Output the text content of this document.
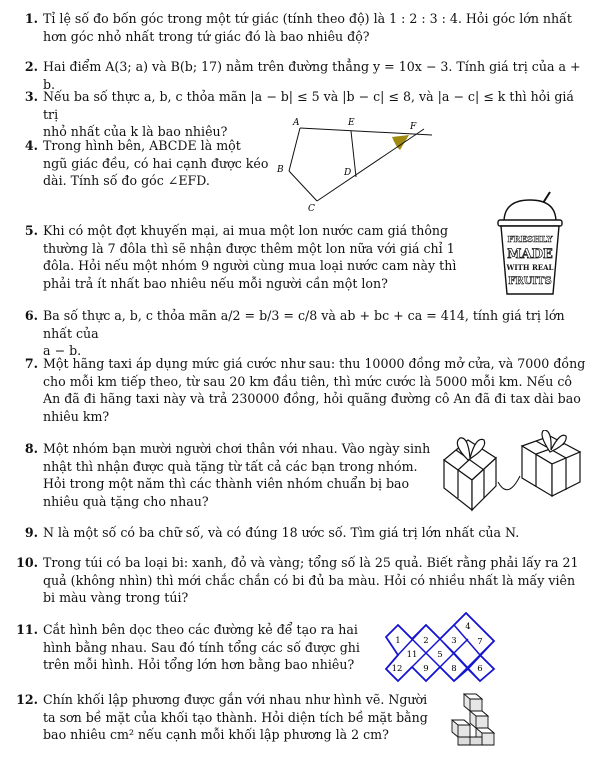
1. Tỉ lệ số đo bốn góc trong một tứ giác (tính theo độ) là 1 : 2 : 3 : 4. Hỏi góc lớn nhất
hơn góc nhỏ nhất trong tứ giác đó là bao nhiêu độ?
2. Hai điểm A(3; a) và B(b; 17) nằm trên đường thẳng y = 10x − 3. Tính giá trị của a + b.
3. Nếu ba số thực a, b, c thỏa mãn |a − b| ≤ 5 và |b − c| ≤ 8, và |a − c| ≤ k thì hỏi giá trị
nhỏ nhất của k là bao nhiêu?
4. Trong hình bên, ABCDE là một
ngũ giác đều, có hai cạnh được kéo
dài. Tính số đo góc ∠EFD.
5. Khi có một đợt khuyến mại, ai mua một lon nước cam giá thông
thường là 7 đôla thì sẽ nhận được thêm một lon nữa với giá chỉ 1
đôla. Hỏi nếu một nhóm 9 người cùng mua loại nước cam này thì
phải trả ít nhất bao nhiêu nếu mỗi người cần một lon?
6. Ba số thực a, b, c thỏa mãn a/2 = b/3 = c/8 và ab + bc + ca = 414, tính giá trị lớn nhất của
a − b.
7. Một hãng taxi áp dụng mức giá cước như sau: thu 10000 đồng mở cửa, và 7000 đồng
cho mỗi km tiếp theo, từ sau 20 km đầu tiên, thì mức cước là 5000 mỗi km. Nếu cô
An đã đi hãng taxi này và trả 230000 đồng, hỏi quãng đường cô An đã đi tax dài bao
nhiêu km?
8. Một nhóm bạn mười người chơi thân với nhau. Vào ngày sinh
nhật thì nhận được quà tặng từ tất cả các bạn trong nhóm.
Hỏi trong một năm thì các thành viên nhóm chuẩn bị bao
nhiêu quà tặng cho nhau?
9. N là một số có ba chữ số, và có đúng 18 ước số. Tìm giá trị lớn nhất của N.
10. Trong túi có ba loại bi: xanh, đỏ và vàng; tổng số là 25 quả. Biết rằng phải lấy ra 21
quả (không nhìn) thì mới chắc chắn có bi đủ ba màu. Hỏi có nhiều nhất là mấy viên
bi màu vàng trong túi?
11. Cắt hình bên dọc theo các đường kẻ để tạo ra hai
hình bằng nhau. Sau đó tính tổng các số được ghi
trên mỗi hình. Hỏi tổng lớn hơn bằng bao nhiêu?
12. Chín khối lập phương được gắn với nhau như hình vẽ. Người
ta sơn bề mặt của khối tạo thành. Hỏi diện tích bề mặt bằng
bao nhiêu cm² nếu cạnh mỗi khối lập phương là 2 cm?
A	E	F
B	D
C
FRESHLY
MADE
WITH REAL
FRUITS
1	2	3
4
5
7
11
9
12	8 6
